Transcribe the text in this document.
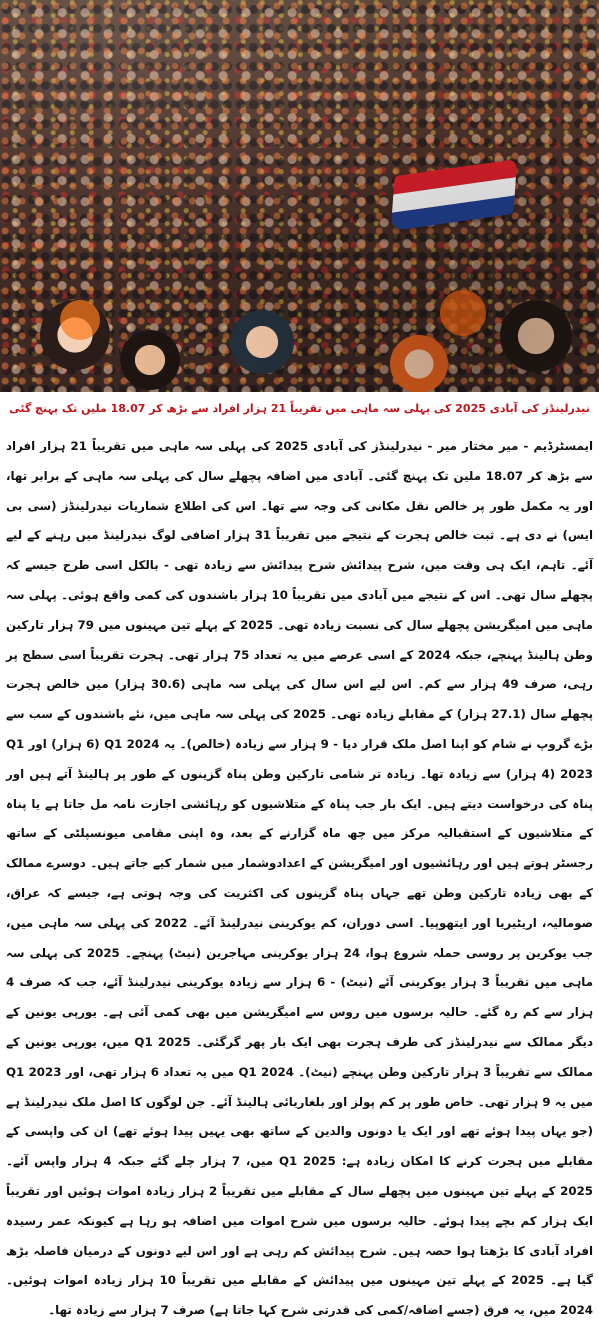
نیدرلینڈز کی آبادی 2025 کی پہلی سہ ماہی میں تقریباً 21 ہزار افراد سے بڑھ کر 18.07 ملین تک پہنچ گئی
ایمسٹرڈیم - میر مختار میر - نیدرلینڈز کی آبادی 2025 کی پہلی سہ ماہی میں تقریباً 21 ہزار افراد سے بڑھ کر 18.07 ملین تک پہنچ گئی۔ آبادی میں اضافہ پچھلے سال کی پہلی سہ ماہی کے برابر تھا، اور یہ مکمل طور پر خالص نقل مکانی کی وجہ سے تھا۔ اس کی اطلاع شماریات نیدرلینڈز (سی بی ایس) نے دی ہے۔ ثبت خالص ہجرت کے نتیجے میں تقریباً 31 ہزار اضافی لوگ نیدرلینڈ میں رہنے کے لیے آئے۔ تاہم، ایک ہی وقت میں، شرح پیدائش شرح پیدائش سے زیادہ تھی - بالکل اسی طرح جیسے کہ پچھلے سال تھی۔ اس کے نتیجے میں آبادی میں تقریباً 10 ہزار باشندوں کی کمی واقع ہوئی۔ پہلی سہ ماہی میں امیگریشن پچھلے سال کی نسبت زیادہ تھی۔ 2025 کے پہلے تین مہینوں میں 79 ہزار تارکین وطن ہالینڈ پہنچے، جبکہ 2024 کے اسی عرصے میں یہ تعداد 75 ہزار تھی۔ ہجرت تقریباً اسی سطح پر رہی، صرف 49 ہزار سے کم۔ اس لیے اس سال کی پہلی سہ ماہی (30.6 ہزار) میں خالص ہجرت پچھلے سال (27.1 ہزار) کے مقابلے زیادہ تھی۔ 2025 کی پہلی سہ ماہی میں، نئے باشندوں کے سب سے بڑے گروپ نے شام کو اپنا اصل ملک قرار دیا - 9 ہزار سے زیادہ (خالص)۔ یہ Q1 2024 (6 ہزار) اور Q1 2023 (4 ہزار) سے زیادہ تھا۔ زیادہ تر شامی تارکین وطن پناہ گزینوں کے طور پر ہالینڈ آتے ہیں اور پناہ کی درخواست دیتے ہیں۔ ایک بار جب پناہ کے متلاشیوں کو رہائشی اجازت نامہ مل جاتا ہے یا پناہ کے متلاشیوں کے استقبالیہ مرکز میں چھ ماہ گزارنے کے بعد، وہ اپنی مقامی میونسپلٹی کے ساتھ رجسٹر ہوتے ہیں اور رہائشیوں اور امیگریشن کے اعدادوشمار میں شمار کیے جاتے ہیں۔ دوسرے ممالک کے بھی زیادہ تارکین وطن تھے جہاں پناہ گزینوں کی اکثریت کی وجہ ہوتی ہے، جیسے کہ عراق، صومالیہ، اریٹیریا اور ایتھوپیا۔ اسی دوران، کم یوکرینی نیدرلینڈ آئے۔ 2022 کی پہلی سہ ماہی میں، جب یوکرین پر روسی حملہ شروع ہوا، 24 ہزار یوکرینی مہاجرین (نیٹ) پہنچے۔ 2025 کی پہلی سہ ماہی میں تقریباً 3 ہزار یوکرینی آئے (نیٹ) - 6 ہزار سے زیادہ یوکرینی نیدرلینڈ آئے، جب کہ صرف 4 ہزار سے کم رہ گئے۔ حالیہ برسوں میں روس سے امیگریشن میں بھی کمی آئی ہے۔ یورپی یونین کے دیگر ممالک سے نیدرلینڈز کی طرف ہجرت بھی ایک بار پھر گرگئی۔ Q1 2025 میں، یورپی یونین کے ممالک سے تقریباً 3 ہزار تارکین وطن پہنچے (نیٹ)۔ Q1 2024 میں یہ تعداد 6 ہزار تھی، اور Q1 2023 میں یہ 9 ہزار تھی۔ خاص طور پر کم پولز اور بلغاریائی ہالینڈ آئے۔ جن لوگوں کا اصل ملک نیدرلینڈ ہے (جو یہاں پیدا ہوئے تھے اور ایک یا دونوں والدین کے ساتھ بھی یہیں پیدا ہوئے تھے) ان کی واپسی کے مقابلے میں ہجرت کرنے کا امکان زیادہ ہے: Q1 2025 میں، 7 ہزار چلے گئے جبکہ 4 ہزار واپس آئے۔ 2025 کے پہلے تین مہینوں میں پچھلے سال کے مقابلے میں تقریباً 2 ہزار زیادہ اموات ہوئیں اور تقریباً ایک ہزار کم بچے پیدا ہوئے۔ حالیہ برسوں میں شرح اموات میں اضافہ ہو رہا ہے کیونکہ عمر رسیدہ افراد آبادی کا بڑھتا ہوا حصہ ہیں۔ شرح پیدائش کم رہی ہے اور اس لیے دونوں کے درمیان فاصلہ بڑھ گیا ہے۔ 2025 کے پہلے تین مہینوں میں پیدائش کے مقابلے میں تقریباً 10 ہزار زیادہ اموات ہوئیں۔ 2024 میں، یہ فرق (جسے اضافہ/کمی کی قدرتی شرح کہا جاتا ہے) صرف 7 ہزار سے زیادہ تھا۔
